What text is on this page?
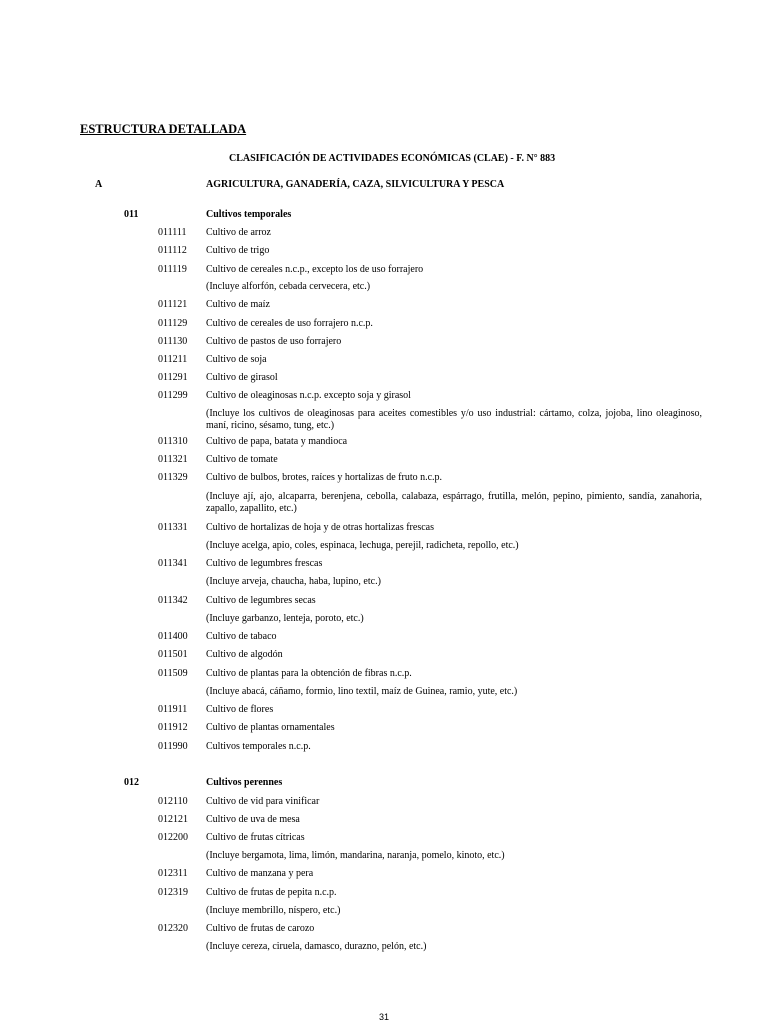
ESTRUCTURA DETALLADA
CLASIFICACIÓN DE ACTIVIDADES ECONÓMICAS (CLAE) - F. N° 883
A	AGRICULTURA, GANADERÍA, CAZA, SILVICULTURA Y PESCA
011	Cultivos temporales
011111 Cultivo de arroz
011112 Cultivo de trigo
011119 Cultivo de cereales n.c.p., excepto los de uso forrajero
(Incluye alforfón, cebada cervecera, etc.)
011121 Cultivo de maíz
011129 Cultivo de cereales de uso forrajero n.c.p.
011130 Cultivo de pastos de uso forrajero
011211 Cultivo de soja
011291 Cultivo de girasol
011299 Cultivo de oleaginosas n.c.p. excepto soja y girasol
(Incluye los cultivos de oleaginosas para aceites comestibles y/o uso industrial: cártamo, colza, jojoba, lino oleaginoso, maní, ricino, sésamo, tung, etc.)
011310 Cultivo de papa, batata y mandioca
011321 Cultivo de tomate
011329 Cultivo de bulbos, brotes, raíces y hortalizas de fruto n.c.p.
(Incluye ají, ajo, alcaparra, berenjena, cebolla, calabaza, espárrago, frutilla, melón, pepino, pimiento, sandía, zanahoria, zapallo, zapallito, etc.)
011331 Cultivo de hortalizas de hoja y de otras hortalizas frescas
(Incluye acelga, apio, coles, espinaca, lechuga, perejil, radicheta, repollo, etc.)
011341 Cultivo de legumbres frescas
(Incluye arveja, chaucha, haba, lupino, etc.)
011342 Cultivo de legumbres secas
(Incluye garbanzo, lenteja, poroto, etc.)
011400 Cultivo de tabaco
011501 Cultivo de algodón
011509 Cultivo de plantas para la obtención de fibras n.c.p.
(Incluye abacá, cáñamo, formio, lino textil, maíz de Guinea, ramio, yute, etc.)
011911 Cultivo de flores
011912 Cultivo de plantas ornamentales
011990 Cultivos temporales n.c.p.
012	Cultivos perennes
012110 Cultivo de vid para vinificar
012121 Cultivo de uva de mesa
012200 Cultivo de frutas cítricas
(Incluye bergamota, lima, limón, mandarina, naranja, pomelo, kinoto, etc.)
012311 Cultivo de manzana y pera
012319 Cultivo de frutas de pepita n.c.p.
(Incluye membrillo, níspero, etc.)
012320 Cultivo de frutas de carozo
(Incluye cereza, ciruela, damasco, durazno, pelón, etc.)
31
